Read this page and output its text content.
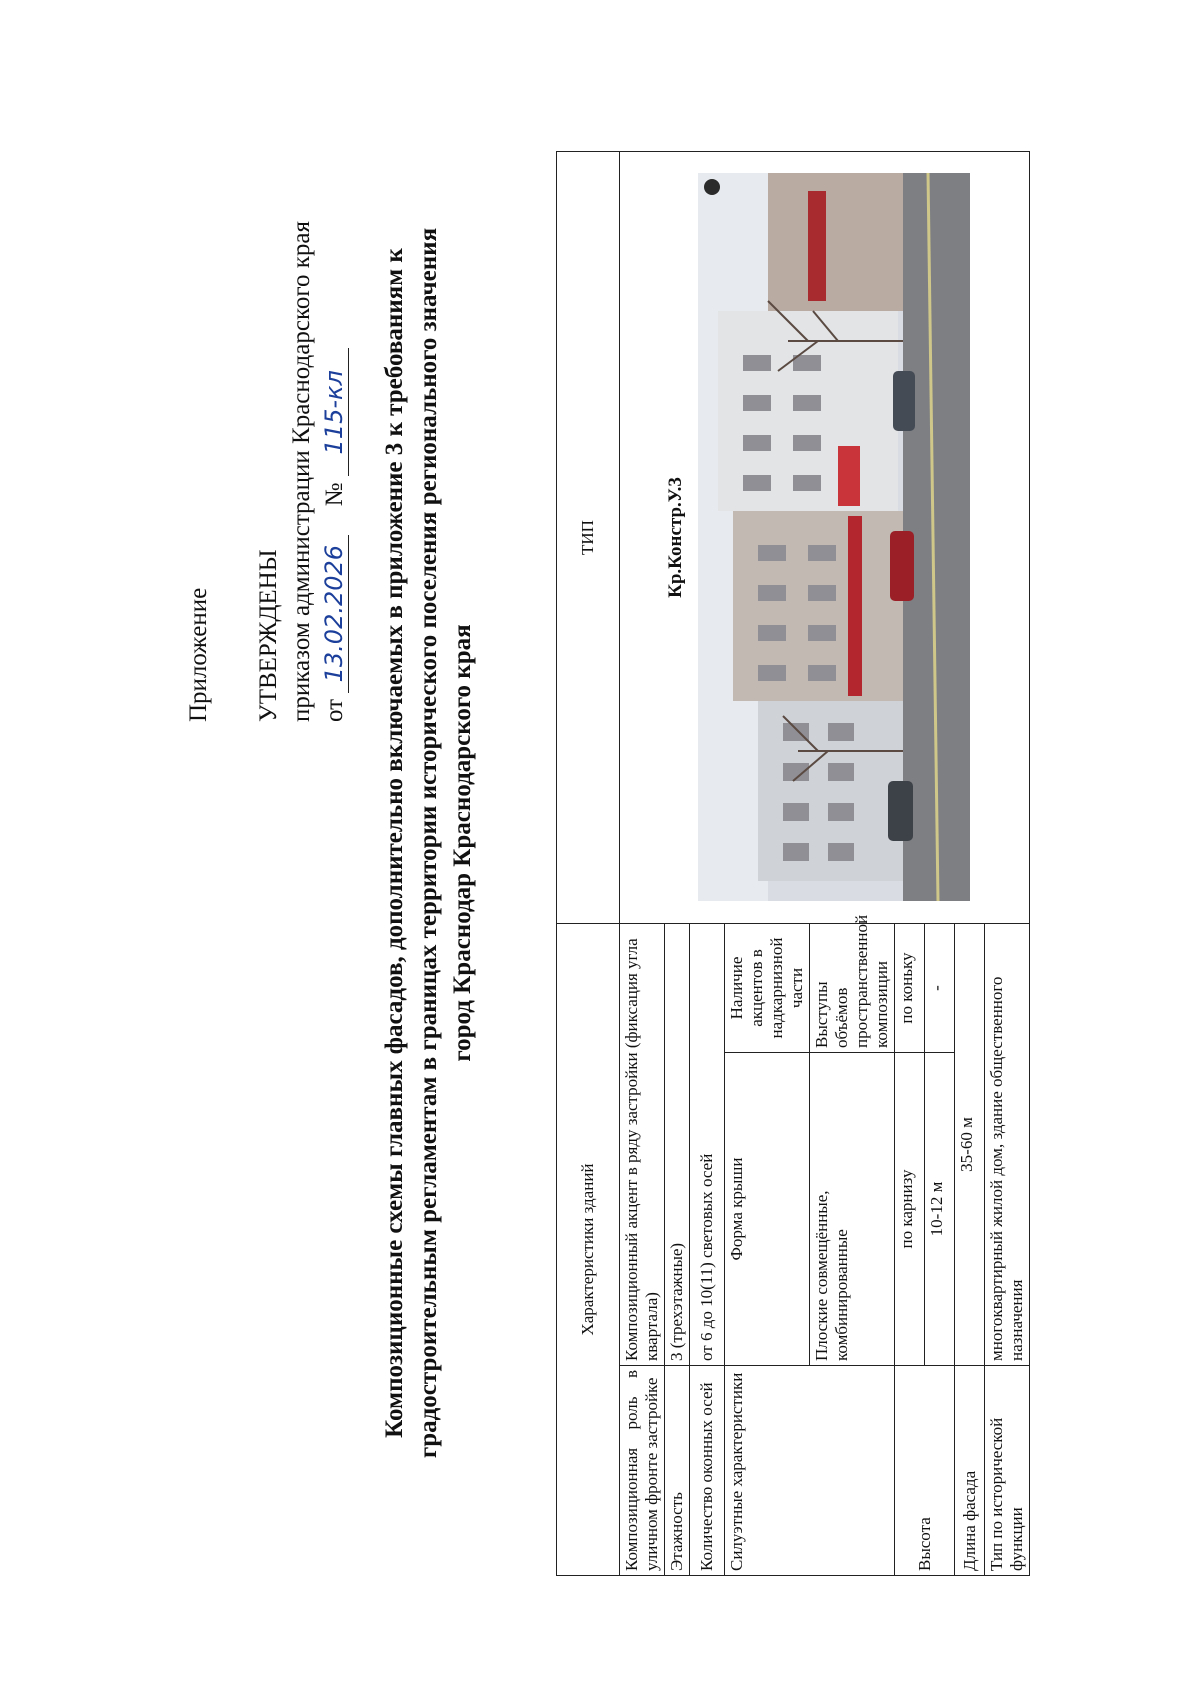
Приложение УТВЕРЖДЕНЫ приказом администрации Краснодарского края от 13.02.2026 № 115-кл Композиционные схемы главных фасадов, дополнительно включаемых в приложение 3 к требованиям к градостроительным регламентам в границах территории исторического поселения регионального значения город Краснодар Краснодарского края
Характеристики зданий			ТИП
Композиционная роль в уличном фронте застройке	Композиционный акцент в ряду застройки (фиксация угла квартала)		Кр.Констр.У.3

Этажность	3 (трехэтажные)		
Количество оконных осей	от 6 до 10(11) световых осей		
Силуэтные характеристики	Форма крыши	Наличие акцентов в надкарнизной части	
	Плоские совмещённые, комбинированные	Выступы объёмов пространственной композиции	
Высота	по карнизу	по коньку	
	10-12 м	-	
Длина фасада	35-60 м		
Тип по исторической функции	многоквартирный жилой дом, здание общественного назначения		
